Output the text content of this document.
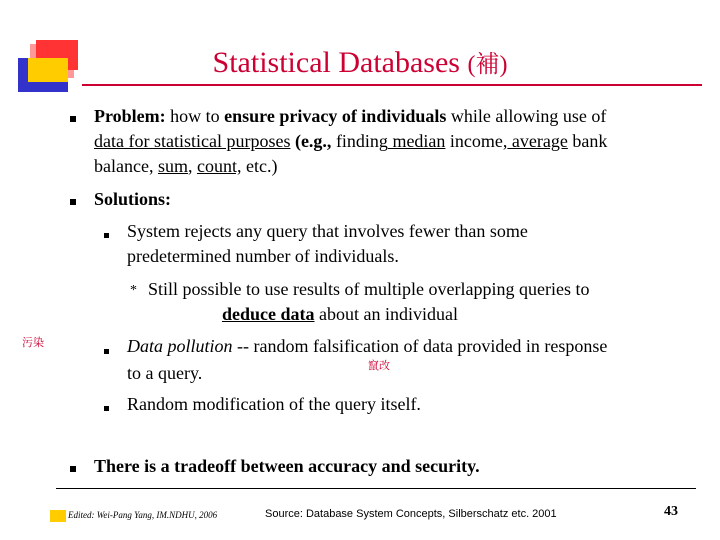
Statistical Databases (補)
Problem: how to ensure privacy of individuals while allowing use of
data for statistical purposes (e.g., finding median income, average bank
balance, sum, count, etc.)
Solutions:
System rejects any query that involves fewer than some
predetermined number of individuals.
* Still possible to use results of multiple overlapping queries to
deduce data about an individual
污染	Data pollution -- random falsification of data provided in response
竄改
to a query.
Random modification of the query itself.
There is a tradeoff between accuracy and security.
Edited: Wei-Pang Yang, IM.NDHU, 2006	Source: Database System Concepts, Silberschatz etc. 2001	43
